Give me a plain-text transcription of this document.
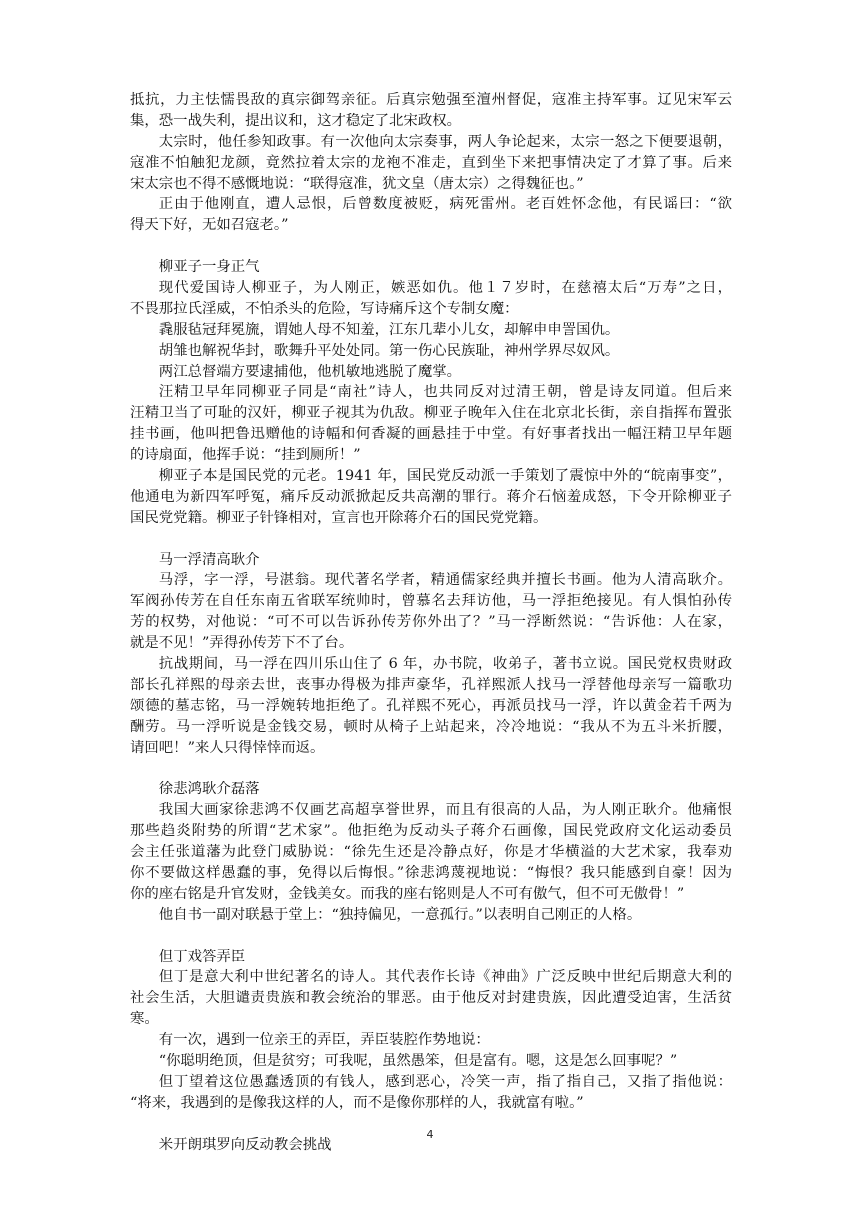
抵抗，力主怯懦畏敌的真宗御驾亲征。后真宗勉强至澶州督促，寇准主持军事。辽见宋军云
集，恐一战失利，提出议和，这才稳定了北宋政权。
太宗时，他任参知政事。有一次他向太宗奏事，两人争论起来，太宗一怒之下便要退朝，
寇准不怕触犯龙颜，竟然拉着太宗的龙袍不准走，直到坐下来把事情决定了才算了事。后来
宋太宗也不得不感慨地说：“联得寇准，犹文皇（唐太宗）之得魏征也。”
正由于他刚直，遭人忌恨，后曾数度被贬，病死雷州。老百姓怀念他，有民谣曰：“欲
得天下好，无如召寇老。”
柳亚子一身正气
现代爱国诗人柳亚子，为人刚正，嫉恶如仇。他１７岁时，在慈禧太后“万寿”之日，
不畏那拉氏淫威，不怕杀头的危险，写诗痛斥这个专制女魔：
毳服毡冠拜冕旒，谓她人母不知羞，江东几辈小儿女，却解申申詈国仇。
胡雏也解祝华封，歌舞升平处处同。第一伤心民族耻，神州学界尽奴风。
两江总督端方要逮捕他，他机敏地逃脱了魔掌。
汪精卫早年同柳亚子同是“南社”诗人，也共同反对过清王朝，曾是诗友同道。但后来
汪精卫当了可耻的汉奸，柳亚子视其为仇敌。柳亚子晚年入住在北京北长街，亲自指挥布置张
挂书画，他叫把鲁迅赠他的诗幅和何香凝的画悬挂于中堂。有好事者找出一幅汪精卫早年题
的诗扇面，他挥手说：“挂到厕所！”
柳亚子本是国民党的元老。1941 年，国民党反动派一手策划了震惊中外的“皖南事变”，
他通电为新四军呼冤，痛斥反动派掀起反共高潮的罪行。蒋介石恼羞成怒，下令开除柳亚子
国民党党籍。柳亚子针锋相对，宣言也开除蒋介石的国民党党籍。
马一浮清高耿介
马浮，字一浮，号湛翁。现代著名学者，精通儒家经典并擅长书画。他为人清高耿介。
军阀孙传芳在自任东南五省联军统帅时，曾慕名去拜访他，马一浮拒绝接见。有人惧怕孙传
芳的权势，对他说：“可不可以告诉孙传芳你外出了？”马一浮断然说：“告诉他：人在家，
就是不见！”弄得孙传芳下不了台。
抗战期间，马一浮在四川乐山住了 6 年，办书院，收弟子，著书立说。国民党权贵财政
部长孔祥熙的母亲去世，丧事办得极为排声豪华，孔祥熙派人找马一浮替他母亲写一篇歌功
颂德的墓志铭，马一浮婉转地拒绝了。孔祥熙不死心，再派员找马一浮，许以黄金若千两为
酬劳。马一浮听说是金钱交易，顿时从椅子上站起来，冷冷地说：“我从不为五斗米折腰，
请回吧！”来人只得悻悻而返。
徐悲鸿耿介磊落
我国大画家徐悲鸿不仅画艺高超享誉世界，而且有很高的人品，为人刚正耿介。他痛恨
那些趋炎附势的所谓“艺术家”。他拒绝为反动头子蒋介石画像，国民党政府文化运动委员
会主任张道藩为此登门威胁说：“徐先生还是冷静点好，你是才华横溢的大艺术家，我奉劝
你不要做这样愚蠢的事，免得以后悔恨。”徐悲鸿蔑视地说：“悔恨？我只能感到自豪！因为
你的座右铭是升官发财，金钱美女。而我的座右铭则是人不可有傲气，但不可无傲骨！”
他自书一副对联悬于堂上：“独持偏见，一意孤行。”以表明自己刚正的人格。
但丁戏答弄臣
但丁是意大利中世纪著名的诗人。其代表作长诗《神曲》广泛反映中世纪后期意大利的
社会生活，大胆谴责贵族和教会统治的罪恶。由于他反对封建贵族，因此遭受迫害，生活贫
寒。
有一次，遇到一位亲王的弄臣，弄臣装腔作势地说：
“你聪明绝顶，但是贫穷；可我呢，虽然愚笨，但是富有。嗯，这是怎么回事呢？”
但丁望着这位愚蠢透顶的有钱人，感到恶心，冷笑一声，指了指自己，又指了指他说：
“将来，我遇到的是像我这样的人，而不是像你那样的人，我就富有啦。”
米开朗琪罗向反动教会挑战
4
